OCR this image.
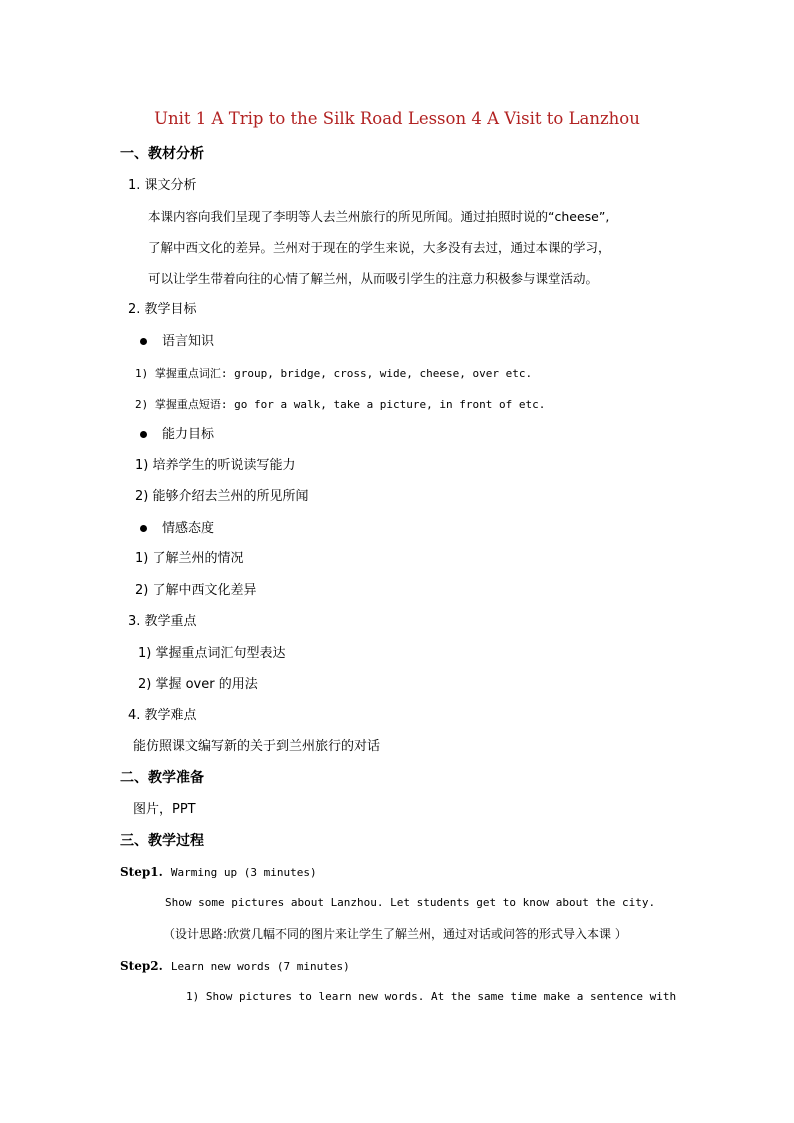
Unit 1 A Trip to the Silk Road Lesson 4 A Visit to Lanzhou
一、教材分析
1. 课文分析
本课内容向我们呈现了李明等人去兰州旅行的所见所闻。通过拍照时说的“cheese”,
了解中西文化的差异。兰州对于现在的学生来说，大多没有去过，通过本课的学习，
可以让学生带着向往的心情了解兰州，从而吸引学生的注意力积极参与课堂活动。
2. 教学目标
语言知识
1) 掌握重点词汇: group, bridge, cross, wide, cheese, over etc.
2) 掌握重点短语: go for a walk, take a picture, in front of etc.
能力目标
1) 培养学生的听说读写能力
2) 能够介绍去兰州的所见所闻
情感态度
1) 了解兰州的情况
2) 了解中西文化差异
3. 教学重点
1) 掌握重点词汇句型表达
2) 掌握 over 的用法
4. 教学难点
能仿照课文编写新的关于到兰州旅行的对话
二、教学准备
图片，PPT
三、教学过程
Step1. Warming up (3 minutes)
Show some pictures about Lanzhou. Let students get to know about the city.
（设计思路:欣赏几幅不同的图片来让学生了解兰州，通过对话或问答的形式导入本课 ）
Step2. Learn new words (7 minutes)
1) Show pictures to learn new words. At the same time make a sentence with
